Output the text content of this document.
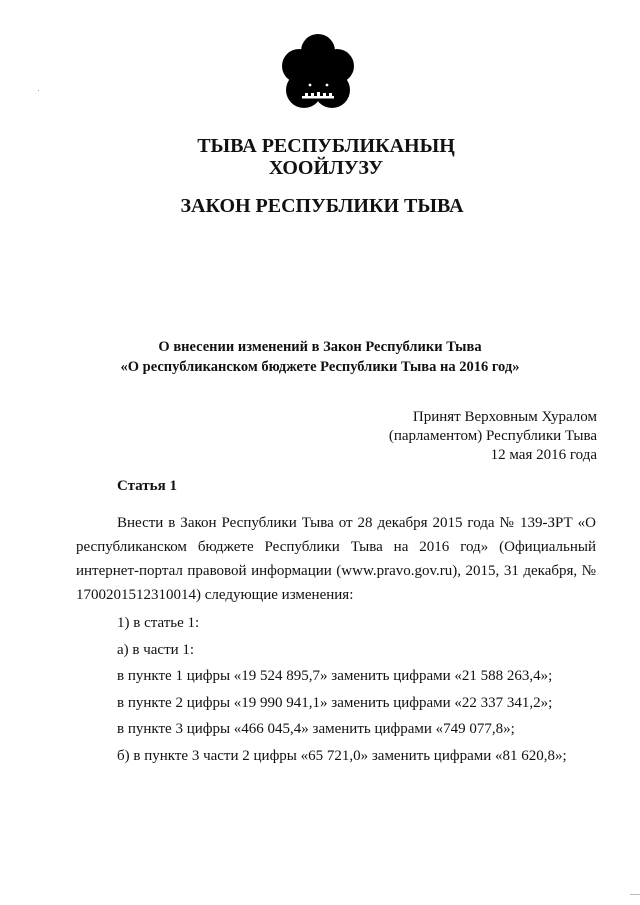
ТЫВА РЕСПУБЛИКАНЫҢ
ХООЙЛУЗУ
ЗАКОН РЕСПУБЛИКИ ТЫВА
О внесении изменений в Закон Республики Тыва
«О республиканском бюджете Республики Тыва на 2016 год»
Принят Верховным Хуралом
(парламентом) Республики Тыва
12 мая 2016 года
Статья 1

Внести в Закон Республики Тыва от 28 декабря 2015 года № 139-ЗРТ «О республиканском бюджете Республики Тыва на 2016 год» (Официальный интернет-портал правовой информации (www.pravo.gov.ru), 2015, 31 декабря, № 1700201512310014) следующие изменения:

1) в статье 1:
а) в части 1:
в пункте 1 цифры «19 524 895,7» заменить цифрами «21 588 263,4»;
в пункте 2 цифры «19 990 941,1» заменить цифрами «22 337 341,2»;
в пункте 3 цифры «466 045,4» заменить цифрами «749 077,8»;
б) в пункте 3 части 2 цифры «65 721,0» заменить цифрами «81 620,8»;
